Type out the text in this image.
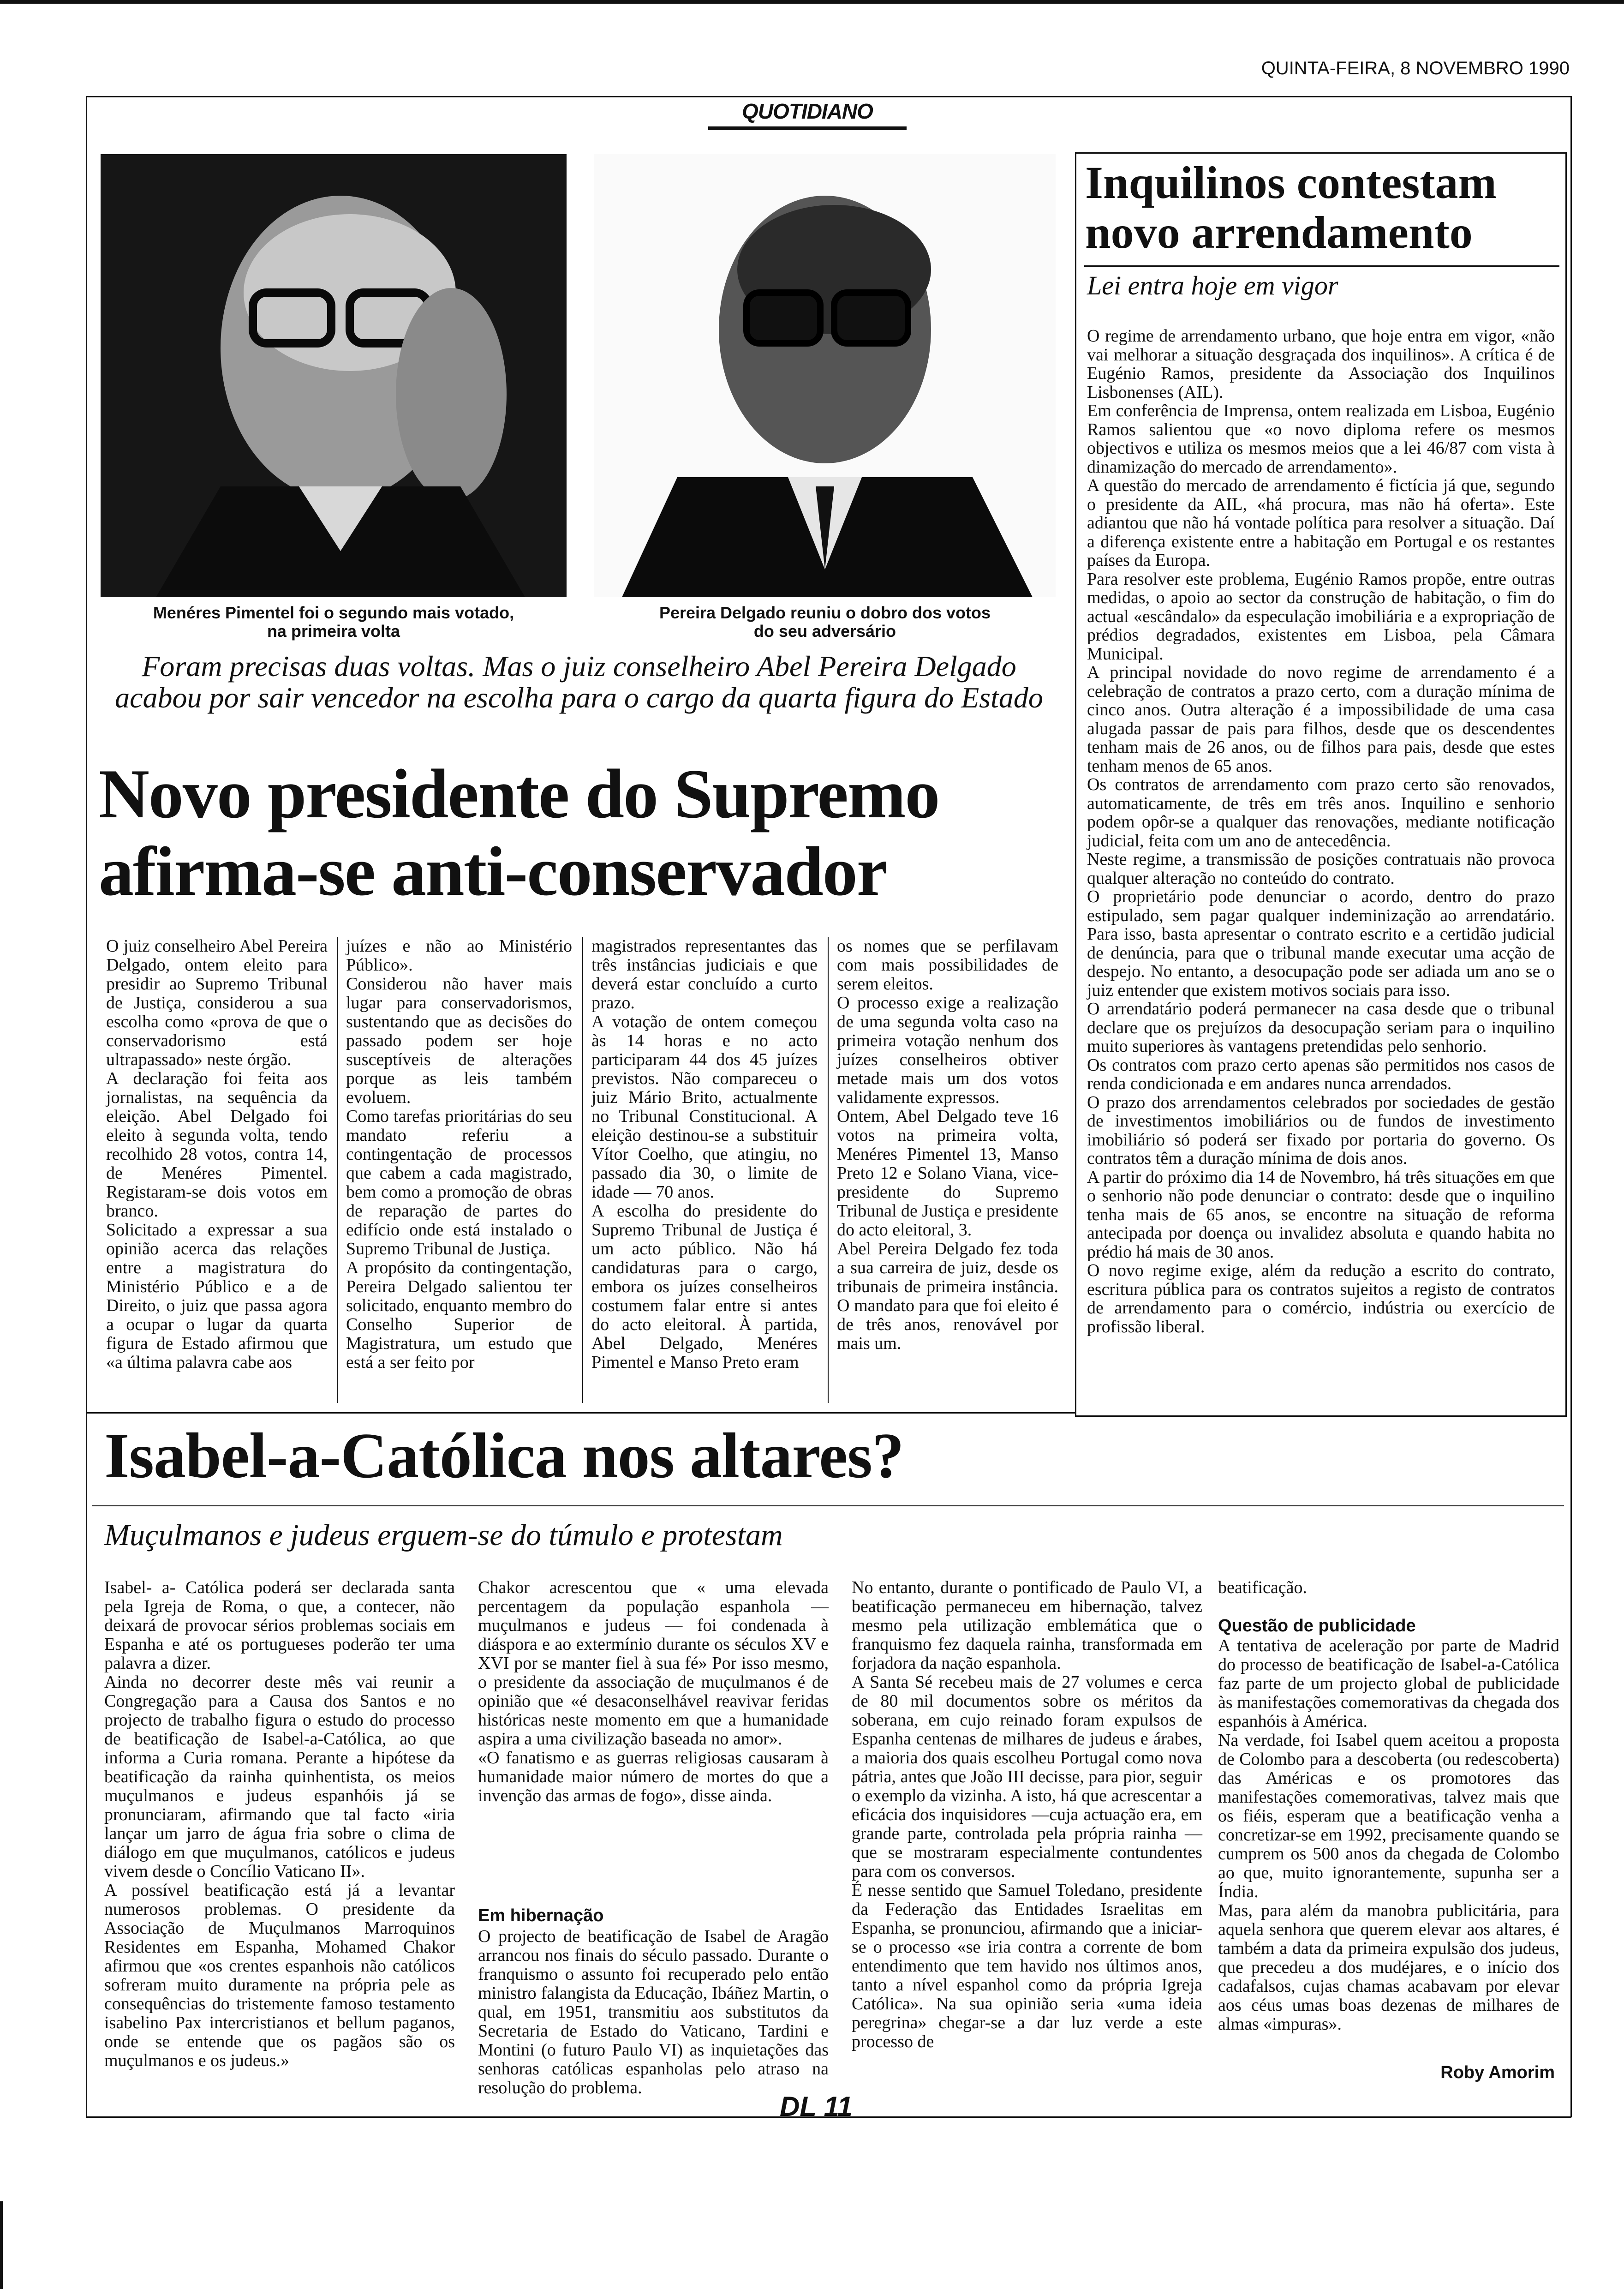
QUINTA-FEIRA, 8 NOVEMBRO 1990
QUOTIDIANO
Menéres Pimentel foi o segundo mais votado,
na primeira volta
Pereira Delgado reuniu o dobro dos votos
do seu adversário
Foram precisas duas voltas. Mas o juiz conselheiro Abel Pereira Delgado acabou por sair vencedor na escolha para o cargo da quarta figura do Estado
Novo presidente do Supremo
afirma-se anti-conservador
O juiz conselheiro Abel Pereira Delgado, ontem eleito para presidir ao Supremo Tribunal de Justiça, considerou a sua escolha como «prova de que o conservadorismo está ultrapassado» neste órgão.
A declaração foi feita aos jornalistas, na sequência da eleição. Abel Delgado foi eleito à segunda volta, tendo recolhido 28 votos, contra 14, de Menéres Pimentel. Registaram-se dois votos em branco.
Solicitado a expressar a sua opinião acerca das relações entre a magistratura do Ministério Público e a de Direito, o juiz que passa agora a ocupar o lugar da quarta figura de Estado afirmou que «a última palavra cabe aos
juízes e não ao Ministério Público».
Considerou não haver mais lugar para conservadorismos, sustentando que as decisões do passado podem ser hoje susceptíveis de alterações porque as leis também evoluem.
Como tarefas prioritárias do seu mandato referiu a contingentação de processos que cabem a cada magistrado, bem como a promoção de obras de reparação de partes do edifício onde está instalado o Supremo Tribunal de Justiça.
A propósito da contingentação, Pereira Delgado salientou ter solicitado, enquanto membro do Conselho Superior de Magistratura, um estudo que está a ser feito por
magistrados representantes das três instâncias judiciais e que deverá estar concluído a curto prazo.
A votação de ontem começou às 14 horas e no acto participaram 44 dos 45 juízes previstos. Não compareceu o juiz Mário Brito, actualmente no Tribunal Constitucional. A eleição destinou-se a substituir Vítor Coelho, que atingiu, no passado dia 30, o limite de idade — 70 anos.
A escolha do presidente do Supremo Tribunal de Justiça é um acto público. Não há candidaturas para o cargo, embora os juízes conselheiros costumem falar entre si antes do acto eleitoral. À partida, Abel Delgado, Menéres Pimentel e Manso Preto eram
os nomes que se perfilavam com mais possibilidades de serem eleitos.
O processo exige a realização de uma segunda volta caso na primeira votação nenhum dos juízes conselheiros obtiver metade mais um dos votos validamente expressos.
Ontem, Abel Delgado teve 16 votos na primeira volta, Menéres Pimentel 13, Manso Preto 12 e Solano Viana, vice-presidente do Supremo Tribunal de Justiça e presidente do acto eleitoral, 3.
Abel Pereira Delgado fez toda a sua carreira de juiz, desde os tribunais de primeira instância. O mandato para que foi eleito é de três anos, renovável por mais um.
Inquilinos contestam
novo arrendamento
Lei entra hoje em vigor
O regime de arrendamento urbano, que hoje entra em vigor, «não vai melhorar a situação desgraçada dos inquilinos». A crítica é de Eugénio Ramos, presidente da Associação dos Inquilinos Lisbonenses (AIL).
Em conferência de Imprensa, ontem realizada em Lisboa, Eugénio Ramos salientou que «o novo diploma refere os mesmos objectivos e utiliza os mesmos meios que a lei 46/87 com vista à dinamização do mercado de arrendamento».
A questão do mercado de arrendamento é fictícia já que, segundo o presidente da AIL, «há procura, mas não há oferta». Este adiantou que não há vontade política para resolver a situação. Daí a diferença existente entre a habitação em Portugal e os restantes países da Europa.
Para resolver este problema, Eugénio Ramos propõe, entre outras medidas, o apoio ao sector da construção de habitação, o fim do actual «escândalo» da especulação imobiliária e a expropriação de prédios degradados, existentes em Lisboa, pela Câmara Municipal.
A principal novidade do novo regime de arrendamento é a celebração de contratos a prazo certo, com a duração mínima de cinco anos. Outra alteração é a impossibilidade de uma casa alugada passar de pais para filhos, desde que os descendentes tenham mais de 26 anos, ou de filhos para pais, desde que estes tenham menos de 65 anos.
Os contratos de arrendamento com prazo certo são renovados, automaticamente, de três em três anos. Inquilino e senhorio podem opôr-se a qualquer das renovações, mediante notificação judicial, feita com um ano de antecedência.
Neste regime, a transmissão de posições contratuais não provoca qualquer alteração no conteúdo do contrato.
O proprietário pode denunciar o acordo, dentro do prazo estipulado, sem pagar qualquer indeminização ao arrendatário. Para isso, basta apresentar o contrato escrito e a certidão judicial de denúncia, para que o tribunal mande executar uma acção de despejo. No entanto, a desocupação pode ser adiada um ano se o juiz entender que existem motivos sociais para isso.
O arrendatário poderá permanecer na casa desde que o tribunal declare que os prejuízos da desocupação seriam para o inquilino muito superiores às vantagens pretendidas pelo senhorio.
Os contratos com prazo certo apenas são permitidos nos casos de renda condicionada e em andares nunca arrendados.
O prazo dos arrendamentos celebrados por sociedades de gestão de investimentos imobiliários ou de fundos de investimento imobiliário só poderá ser fixado por portaria do governo. Os contratos têm a duração mínima de dois anos.
A partir do próximo dia 14 de Novembro, há três situações em que o senhorio não pode denunciar o contrato: desde que o inquilino tenha mais de 65 anos, se encontre na situação de reforma antecipada por doença ou invalidez absoluta e quando habita no prédio há mais de 30 anos.
O novo regime exige, além da redução a escrito do contrato, escritura pública para os contratos sujeitos a registo de contratos de arrendamento para o comércio, indústria ou exercício de profissão liberal.
Isabel-a-Católica nos altares?
Muçulmanos e judeus erguem-se do túmulo e protestam
Isabel- a- Católica poderá ser declarada santa pela Igreja de Roma, o que, a contecer, não deixará de provocar sérios problemas sociais em Espanha e até os portugueses poderão ter uma palavra a dizer.
Ainda no decorrer deste mês vai reunir a Congregação para a Causa dos Santos e no projecto de trabalho figura o estudo do processo de beatificação de Isabel-a-Católica, ao que informa a Curia romana. Perante a hipótese da beatificação da rainha quinhentista, os meios muçulmanos e judeus espanhóis já se pronunciaram, afirmando que tal facto «iria lançar um jarro de água fria sobre o clima de diálogo em que muçulmanos, católicos e judeus vivem desde o Concílio Vaticano II».
A possível beatificação está já a levantar numerosos problemas. O presidente da Associação de Muçulmanos Marroquinos Residentes em Espanha, Mohamed Chakor afirmou que «os crentes espanhois não católicos sofreram muito duramente na própria pele as consequências do tristemente famoso testamento isabelino Pax intercristianos et bellum paganos, onde se entende que os pagãos são os muçulmanos e os judeus.»
Chakor acrescentou que « uma elevada percentagem da população espanhola — muçulmanos e judeus — foi condenada à diáspora e ao extermínio durante os séculos XV e XVI por se manter fiel à sua fé» Por isso mesmo, o presidente da associação de muçulmanos é de opinião que «é desaconselhável reavivar feridas históricas neste momento em que a humanidade aspira a uma civilização baseada no amor».
«O fanatismo e as guerras religiosas causaram à humanidade maior número de mortes do que a invenção das armas de fogo», disse ainda.
Em hibernação
O projecto de beatificação de Isabel de Aragão arrancou nos finais do século passado. Durante o franquismo o assunto foi recuperado pelo então ministro falangista da Educação, Ibáñez Martin, o qual, em 1951, transmitiu aos substitutos da Secretaria de Estado do Vaticano, Tardini e Montini (o futuro Paulo VI) as inquietações das senhoras católicas espanholas pelo atraso na resolução do problema.
No entanto, durante o pontificado de Paulo VI, a beatificação permaneceu em hibernação, talvez mesmo pela utilização emblemática que o franquismo fez daquela rainha, transformada em forjadora da nação espanhola.
A Santa Sé recebeu mais de 27 volumes e cerca de 80 mil documentos sobre os méritos da soberana, em cujo reinado foram expulsos de Espanha centenas de milhares de judeus e árabes, a maioria dos quais escolheu Portugal como nova pátria, antes que João III decisse, para pior, seguir o exemplo da vizinha. A isto, há que acrescentar a eficácia dos inquisidores —cuja actuação era, em grande parte, controlada pela própria rainha — que se mostraram especialmente contundentes para com os conversos.
É nesse sentido que Samuel Toledano, presidente da Federação das Entidades Israelitas em Espanha, se pronunciou, afirmando que a iniciar-se o processo «se iria contra a corrente de bom entendimento que tem havido nos últimos anos, tanto a nível espanhol como da própria Igreja Católica». Na sua opinião seria «uma ideia peregrina» chegar-se a dar luz verde a este processo de
beatificação.
Questão de publicidade
A tentativa de aceleração por parte de Madrid do processo de beatificação de Isabel-a-Católica faz parte de um projecto global de publicidade às manifestações comemorativas da chegada dos espanhóis à América.
Na verdade, foi Isabel quem aceitou a proposta de Colombo para a descoberta (ou redescoberta) das Américas e os promotores das manifestações comemorativas, talvez mais que os fiéis, esperam que a beatificação venha a concretizar-se em 1992, precisamente quando se cumprem os 500 anos da chegada de Colombo ao que, muito ignorantemente, supunha ser a Índia.
Mas, para além da manobra publicitária, para aquela senhora que querem elevar aos altares, é também a data da primeira expulsão dos judeus, que precedeu a dos mudéjares, e o início dos cadafalsos, cujas chamas acabavam por elevar aos céus umas boas dezenas de milhares de almas «impuras».
Roby Amorim
DL 11
